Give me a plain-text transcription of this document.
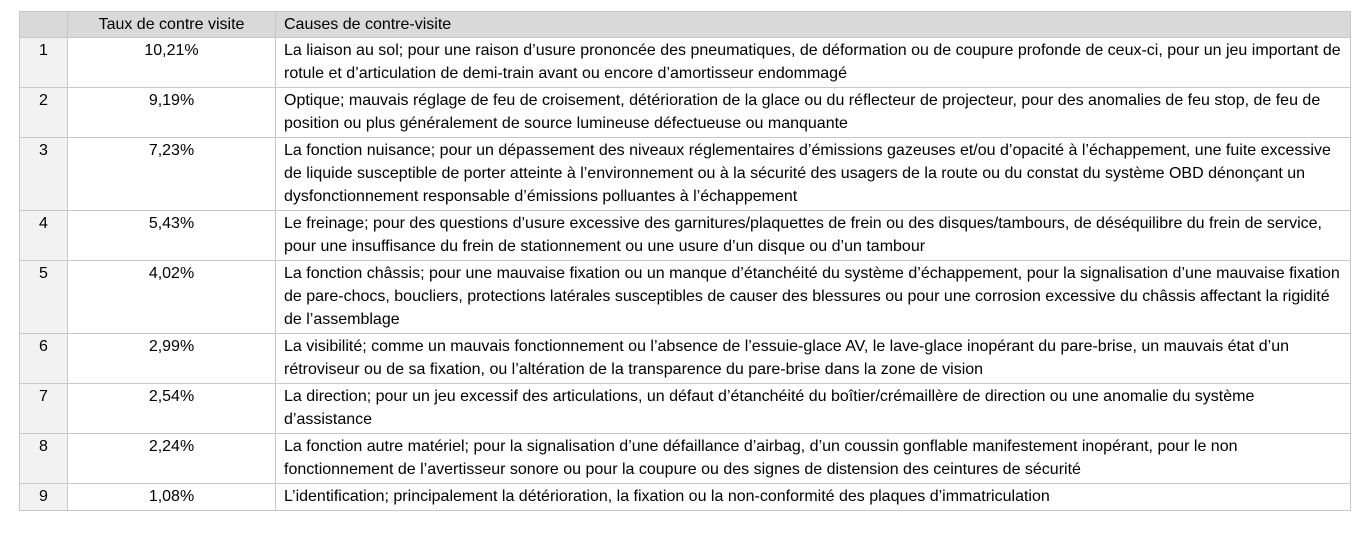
	Taux de contre visite	Causes de contre-visite
1	10,21%	La liaison au sol; pour une raison d’usure prononcée des pneumatiques, de déformation ou de coupure profonde de ceux-ci, pour un jeu important de rotule et d’articulation de demi-train avant ou encore d’amortisseur endommagé
2	9,19%	Optique; mauvais réglage de feu de croisement, détérioration de la glace ou du réflecteur de projecteur, pour des anomalies de feu stop, de feu de position ou plus généralement de source lumineuse défectueuse ou manquante
3	7,23%	La fonction nuisance; pour un dépassement des niveaux réglementaires d’émissions gazeuses et/ou d’opacité à l’échappement, une fuite excessive de liquide susceptible de porter atteinte à l’environnement ou à la sécurité des usagers de la route ou du constat du système OBD dénonçant un dysfonctionnement responsable d’émissions polluantes à l’échappement
4	5,43%	Le freinage; pour des questions d’usure excessive des garnitures/plaquettes de frein ou des disques/tambours, de déséquilibre du frein de service, pour une insuffisance du frein de stationnement ou une usure d’un disque ou d’un tambour
5	4,02%	La fonction châssis; pour une mauvaise fixation ou un manque d’étanchéité du système d’échappement, pour la signalisation d’une mauvaise fixation de pare-chocs, boucliers, protections latérales susceptibles de causer des blessures ou pour une corrosion excessive du châssis affectant la rigidité de l’assemblage
6	2,99%	La visibilité; comme un mauvais fonctionnement ou l’absence de l’essuie-glace AV, le lave-glace inopérant du pare-brise, un mauvais état d’un rétroviseur ou de sa fixation, ou l’altération de la transparence du pare-brise dans la zone de vision
7	2,54%	La direction; pour un jeu excessif des articulations, un défaut d’étanchéité du boîtier/crémaillère de direction ou une anomalie du système d’assistance
8	2,24%	La fonction autre matériel; pour la signalisation d’une défaillance d’airbag, d’un coussin gonflable manifestement inopérant, pour le non fonctionnement de l’avertisseur sonore ou pour la coupure ou des signes de distension des ceintures de sécurité
9	1,08%	L’identification; principalement la détérioration, la fixation ou la non-conformité des plaques d’immatriculation
